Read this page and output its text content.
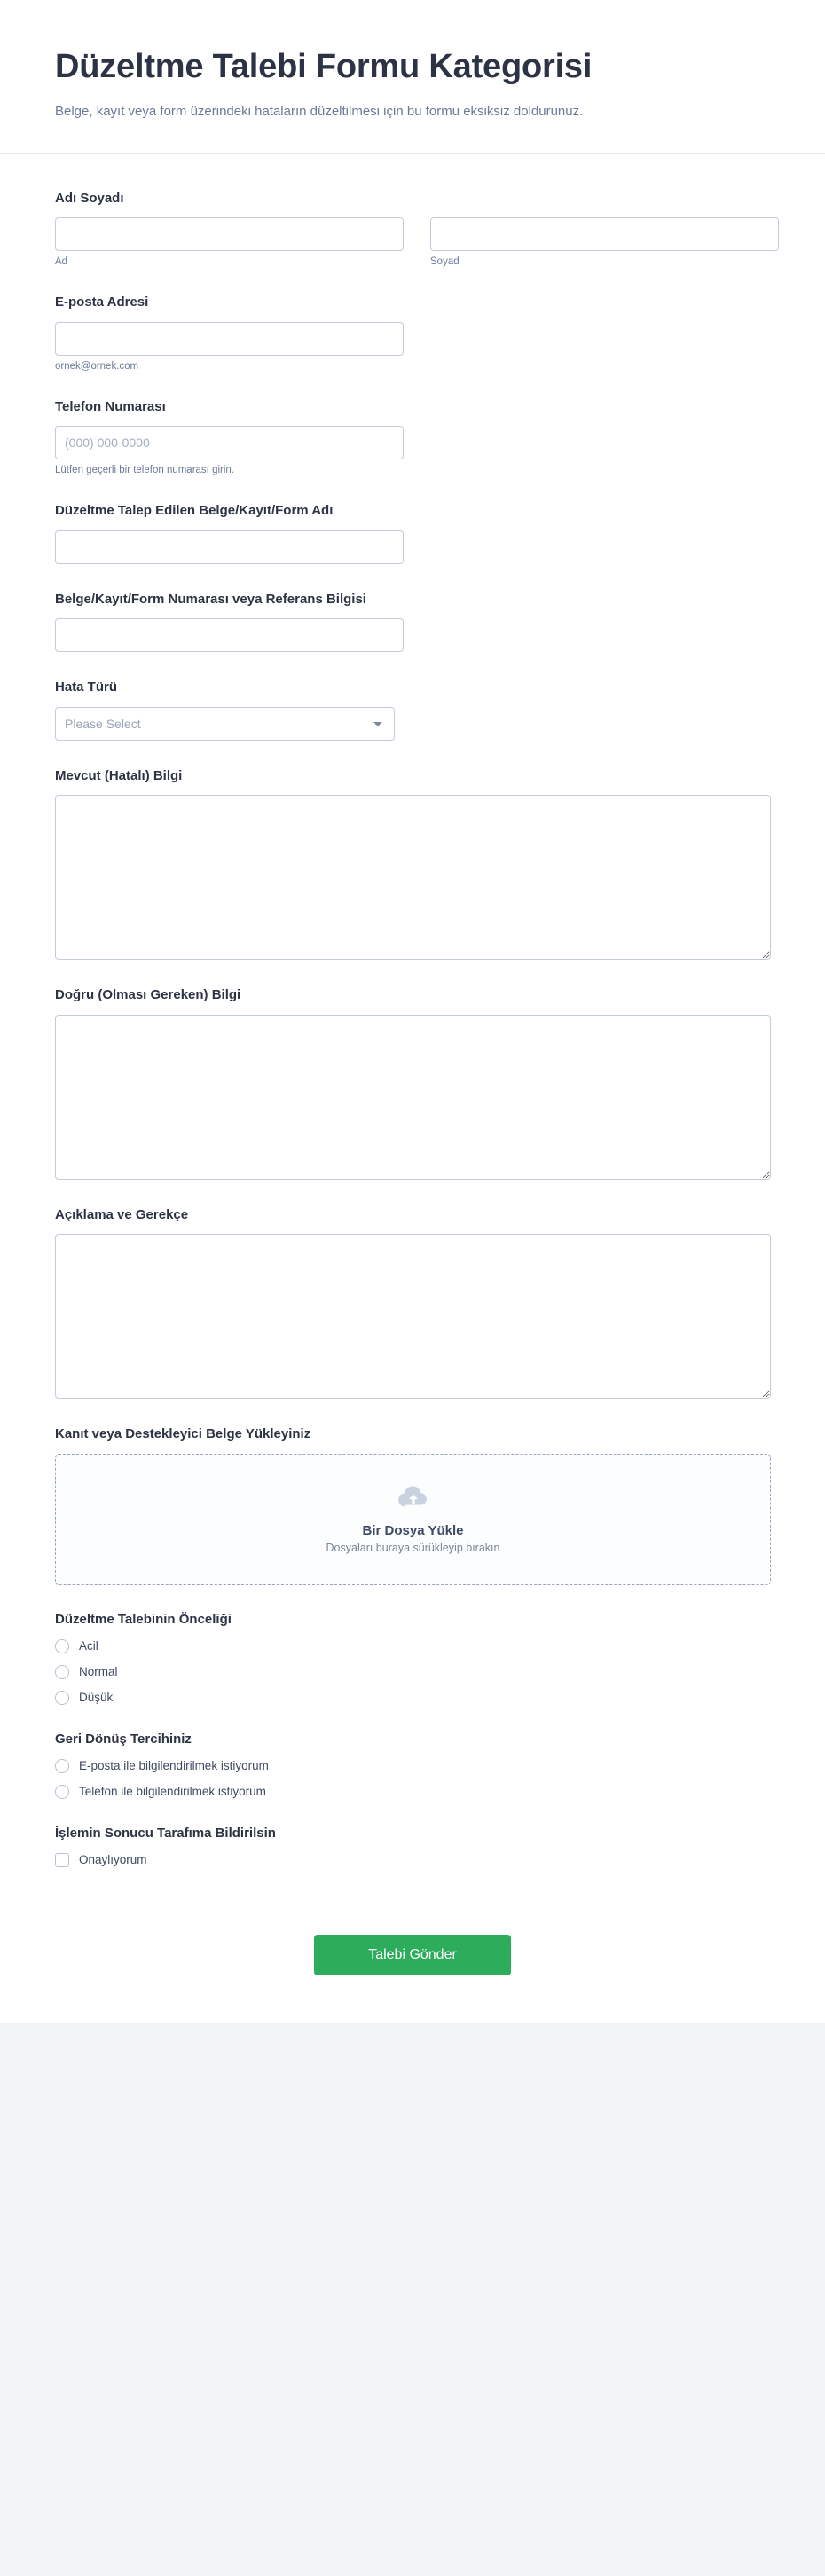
Düzeltme Talebi Formu Kategorisi

Belge, kayıt veya form üzerindeki hataların düzeltilmesi için bu formu eksiksiz doldurunuz.

Adı Soyadı
Ad	Soyad
E-posta Adresi
ornek@ornek.com
Telefon Numarası
(000) 000-0000
Lütfen geçerli bir telefon numarası girin.
Düzeltme Talep Edilen Belge/Kayıt/Form Adı
Belge/Kayıt/Form Numarası veya Referans Bilgisi
Hata Türü
Please Select
Mevcut (Hatalı) Bilgi
Doğru (Olması Gereken) Bilgi
Açıklama ve Gerekçe
Kanıt veya Destekleyici Belge Yükleyiniz
Bir Dosya Yükle
Dosyaları buraya sürükleyip bırakın
Düzeltme Talebinin Önceliği
Acil
Normal
Düşük
Geri Dönüş Tercihiniz
E-posta ile bilgilendirilmek istiyorum
Telefon ile bilgilendirilmek istiyorum
İşlemin Sonucu Tarafıma Bildirilsin
Onaylıyorum
Talebi Gönder
